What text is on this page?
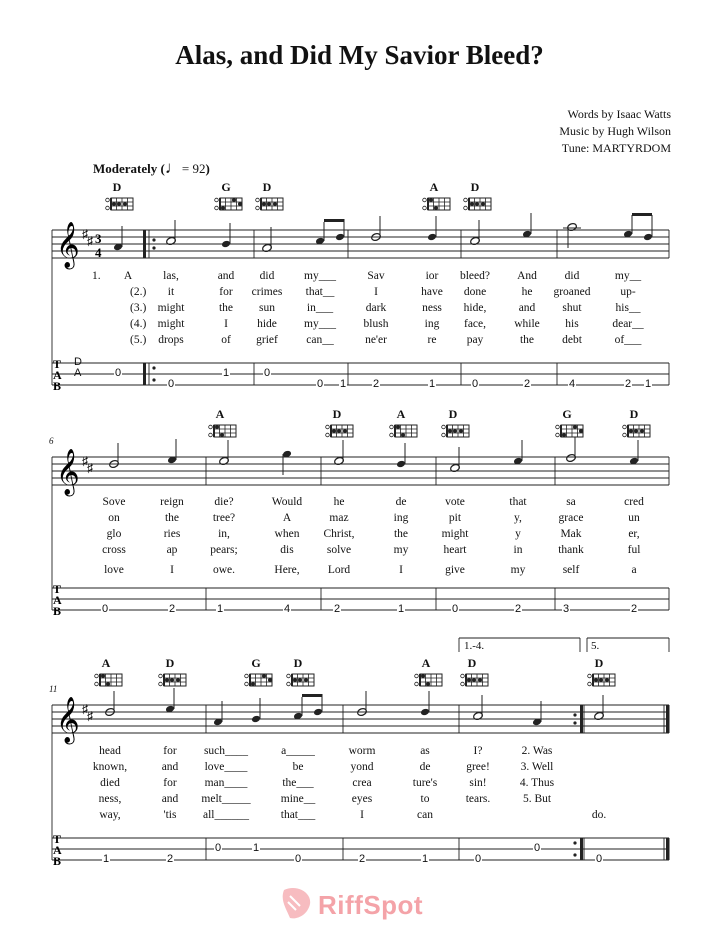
Alas, and Did My Savior Bleed?
Words by Isaac Watts
Music by Hugh Wilson
Tune: MARTYRDOM
Moderately (♩= 92)
6
11
𝄞 ♯ ♯ 3
4
T
A
B
𝄞 ♯ ♯
T
A
B
𝄞 ♯ ♯
T
A
B
1.-4.	5.
D	G	D	A	D
A	D	A	D	G	D
A	D	G	D	A	D	D
1.	A	las,	and	did	my___	Sav	ior	bleed?	And	did	my__
(2.)	it	for	crimes	that__	I	have	done	he	groaned	up-
(3.) might	the	sun	in___	dark	ness	hide,	and	shut	his__
(4.) might	I	hide	my___	blush	ing	face,	while	his	dear__
(5.)	drops	of	grief	can__	ne'er	re	pay	the	debt	of___
Sove	reign	die?	Would	he	de	vote	that	sa	cred
on	the	tree?	A	maz	ing	pit	y,	grace	un
glo	ries	in,	when	Christ,	the	might	y	Mak	er,
cross	ap	pears;	dis	solve	my	heart	in	thank	ful
love	I	owe.	Here,	Lord	I	give	my	self	a
head	for	such____	a_____	worm	as	I?	2. Was
known,	and	love____	be	yond	de	gree!	3. Well
died	for	man____	the___	crea	ture's	sin!	4. Thus
ness,	and	melt_____	mine__	eyes	to	tears.	5. But
way,	'tis	all______	that___	I	can	do.
D
A	0
0
1	0
0 1 2	1	0	2	4	2 1
0	2	1	4	2	1	0	2	3	2
1	2
0	1
0	2	1	0
0
0
RiffSpot
